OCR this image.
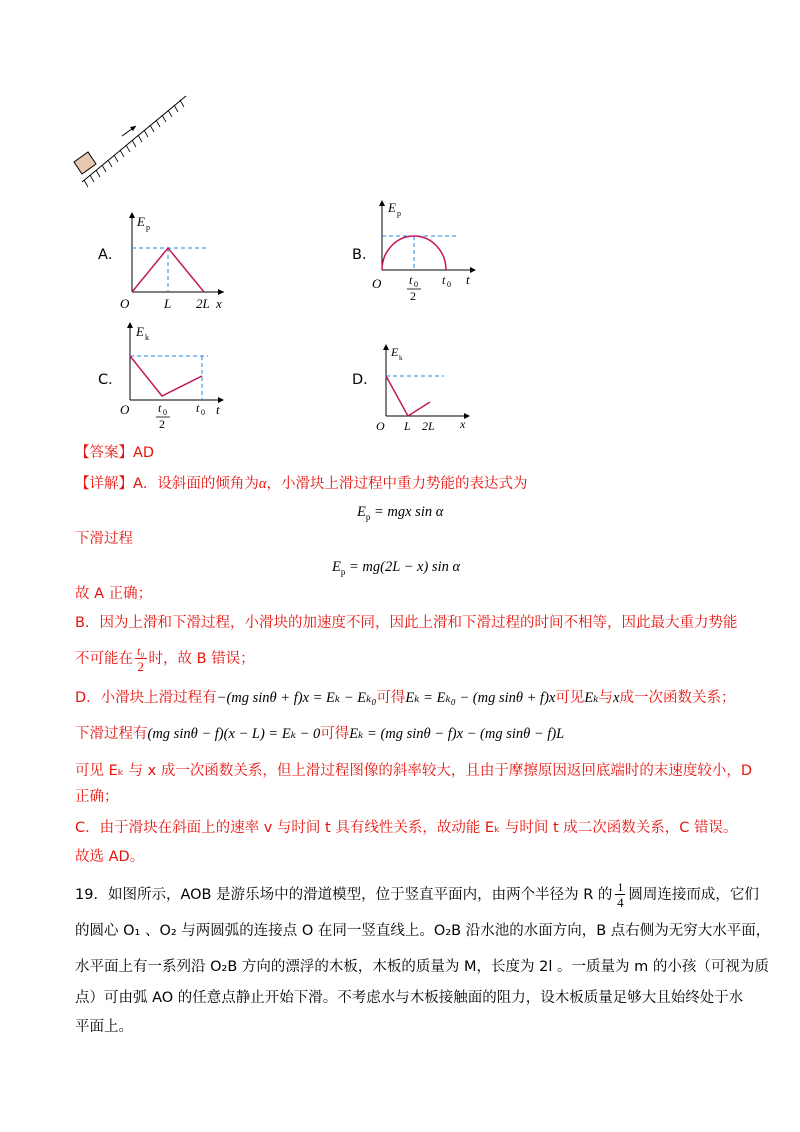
A．
E p
O	L 2L x
B．
E p
O t 0
2
t 0 t
C．
E k
O t 0
2
t 0 t
D．
E k
O L 2L x
【答案】AD
【详解】A．设斜面的倾角为α，小滑块上滑过程中重力势能的表达式为
$E_p$ = mgx sin α
下滑过程
$E_p = mg(2L - x)$ sin α
故 A 正确；
B．因为上滑和下滑过程，小滑块的加速度不同，因此上滑和下滑过程的时间不相等，因此最大重力势能
不可能在 $\frac{\text{t₀}}{2}$ 时，故 B 错误；
D．小滑块上滑过程有−(mg sinθ + f)x = Eₖ − Eₖ₀可得Eₖ = Eₖ₀ − (mg sinθ + f)x可见Eₖ与x成一次函数关系；
下滑过程有(mg sinθ − f)(x − L) = Eₖ − 0可得Eₖ = (mg sinθ − f)x − (mg sinθ − f)L
可见 Eₖ 与 x 成一次函数关系，但上滑过程图像的斜率较大，且由于摩擦原因返回底端时的末速度较小，D
正确；
C．由于滑块在斜面上的速率 v 与时间 t 具有线性关系，故动能 Eₖ 与时间 t 成二次函数关系，C 错误。
故选 AD。
19．如图所示，AOB 是游乐场中的滑道模型，位于竖直平面内，由两个半径为 R 的 $\frac{1}{4}$ 圆周连接而成，它们
的圆心 O₁ 、O₂ 与两圆弧的连接点 O 在同一竖直线上。O₂B 沿水池的水面方向，B 点右侧为无穷大水平面，
水平面上有一系列沿 O₂B 方向的漂浮的木板，木板的质量为 M，长度为 2l 。一质量为 m 的小孩（可视为质
点）可由弧 AO 的任意点静止开始下滑。不考虑水与木板接触面的阻力，设木板质量足够大且始终处于水
平面上。
